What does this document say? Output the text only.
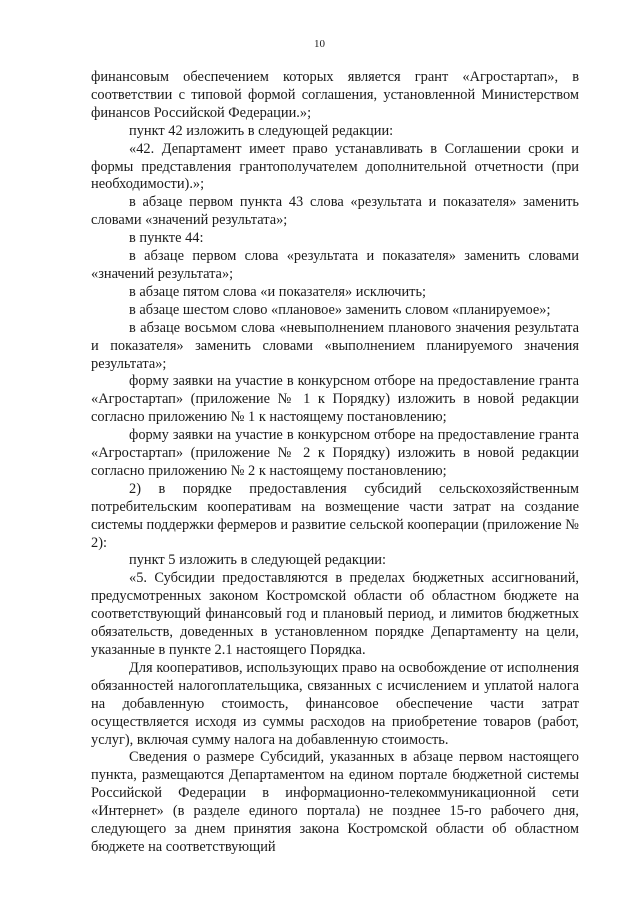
10

финансовым обеспечением которых является грант «Агростартап», в соответствии с типовой формой соглашения, установленной Министерством финансов Российской Федерации.»;

пункт 42 изложить в следующей редакции:

«42. Департамент имеет право устанавливать в Соглашении сроки и формы представления грантополучателем дополнительной отчетности (при необходимости).»;

в абзаце первом пункта 43 слова «результата и показателя» заменить словами «значений результата»;

в пункте 44:

в абзаце первом слова «результата и показателя» заменить словами «значений результата»;

в абзаце пятом слова «и показателя» исключить;

в абзаце шестом слово «плановое» заменить словом «планируемое»;

в абзаце восьмом слова «невыполнением планового значения результата и показателя» заменить словами «выполнением планируемого значения результата»;

форму заявки на участие в конкурсном отборе на предоставление гранта «Агростартап» (приложение № 1 к Порядку) изложить в новой редакции согласно приложению № 1 к настоящему постановлению;

форму заявки на участие в конкурсном отборе на предоставление гранта «Агростартап» (приложение № 2 к Порядку) изложить в новой редакции согласно приложению № 2 к настоящему постановлению;

2) в порядке предоставления субсидий сельскохозяйственным потребительским кооперативам на возмещение части затрат на создание системы поддержки фермеров и развитие сельской кооперации (приложение № 2):

пункт 5 изложить в следующей редакции:

«5. Субсидии предоставляются в пределах бюджетных ассигнований, предусмотренных законом Костромской области об областном бюджете на соответствующий финансовый год и плановый период, и лимитов бюджетных обязательств, доведенных в установленном порядке Департаменту на цели, указанные в пункте 2.1 настоящего Порядка.

Для кооперативов, использующих право на освобождение от исполнения обязанностей налогоплательщика, связанных с исчислением и уплатой налога на добавленную стоимость, финансовое обеспечение части затрат осуществляется исходя из суммы расходов на приобретение товаров (работ, услуг), включая сумму налога на добавленную стоимость.

Сведения о размере Субсидий, указанных в абзаце первом настоящего пункта, размещаются Департаментом на едином портале бюджетной системы Российской Федерации в информационно-телекоммуникационной сети «Интернет» (в разделе единого портала) не позднее 15-го рабочего дня, следующего за днем принятия закона Костромской области об областном бюджете на соответствующий
